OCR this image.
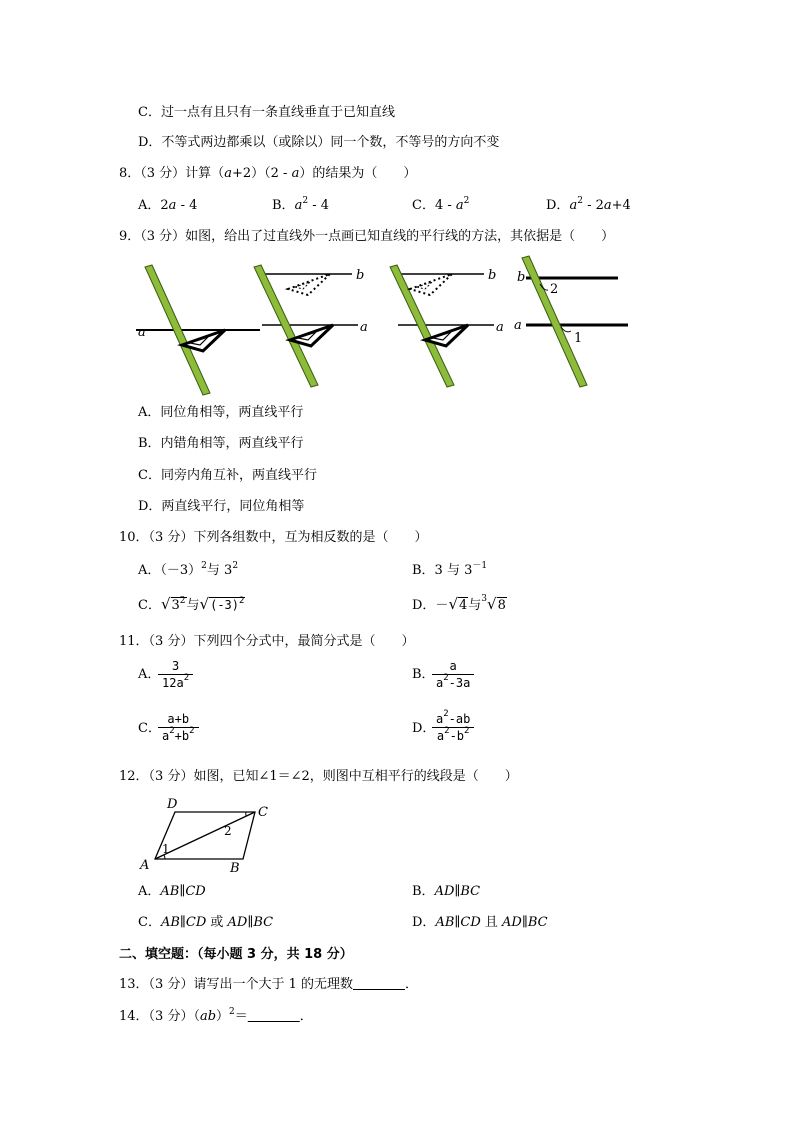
C．过一点有且只有一条直线垂直于已知直线
D．不等式两边都乘以（或除以）同一个数，不等号的方向不变
8．（3 分）计算（a+2）（2 - a）的结果为（　　）
A．2a - 4	B．$a^2 - 4$	C．$4 - a^2$	D．$a^2 - 2a+4$
9．（3 分）如图，给出了过直线外一点画已知直线的平行线的方法，其依据是（　　）
a
b
a
b
a
b
a
2
1
A．同位角相等，两直线平行
B．内错角相等，两直线平行
C．同旁内角互补，两直线平行
D．两直线平行，同位角相等
10．（3 分）下列各组数中，互为相反数的是（　　）
A．$(-3)^2$与 $3^2$	B．3 与 $3^{-1}$
C．$√3^2$与$√(-3)^2$	D．－√4与$^3$√8
11．（3 分）下列四个分式中，最简分式是（　　）
A．
3
$12a^2$	B．
a
$a^2-3a$
C．
a+b
$a^2+b^2$	D．
$a^2-ab$
$a^2-b^2$
12．（3 分）如图，已知∠1＝∠2，则图中互相平行的线段是（　　）
A	B
C
D
1
2
A．AB∥CD	B．AD∥BC
C．AB∥CD 或 AD∥BC	D．AB∥CD 且 AD∥BC
二、填空题：（每小题 3 分，共 18 分）
13．（3 分）请写出一个大于 1 的无理数________．
14．（3 分）（ab）$^2$＝________．
